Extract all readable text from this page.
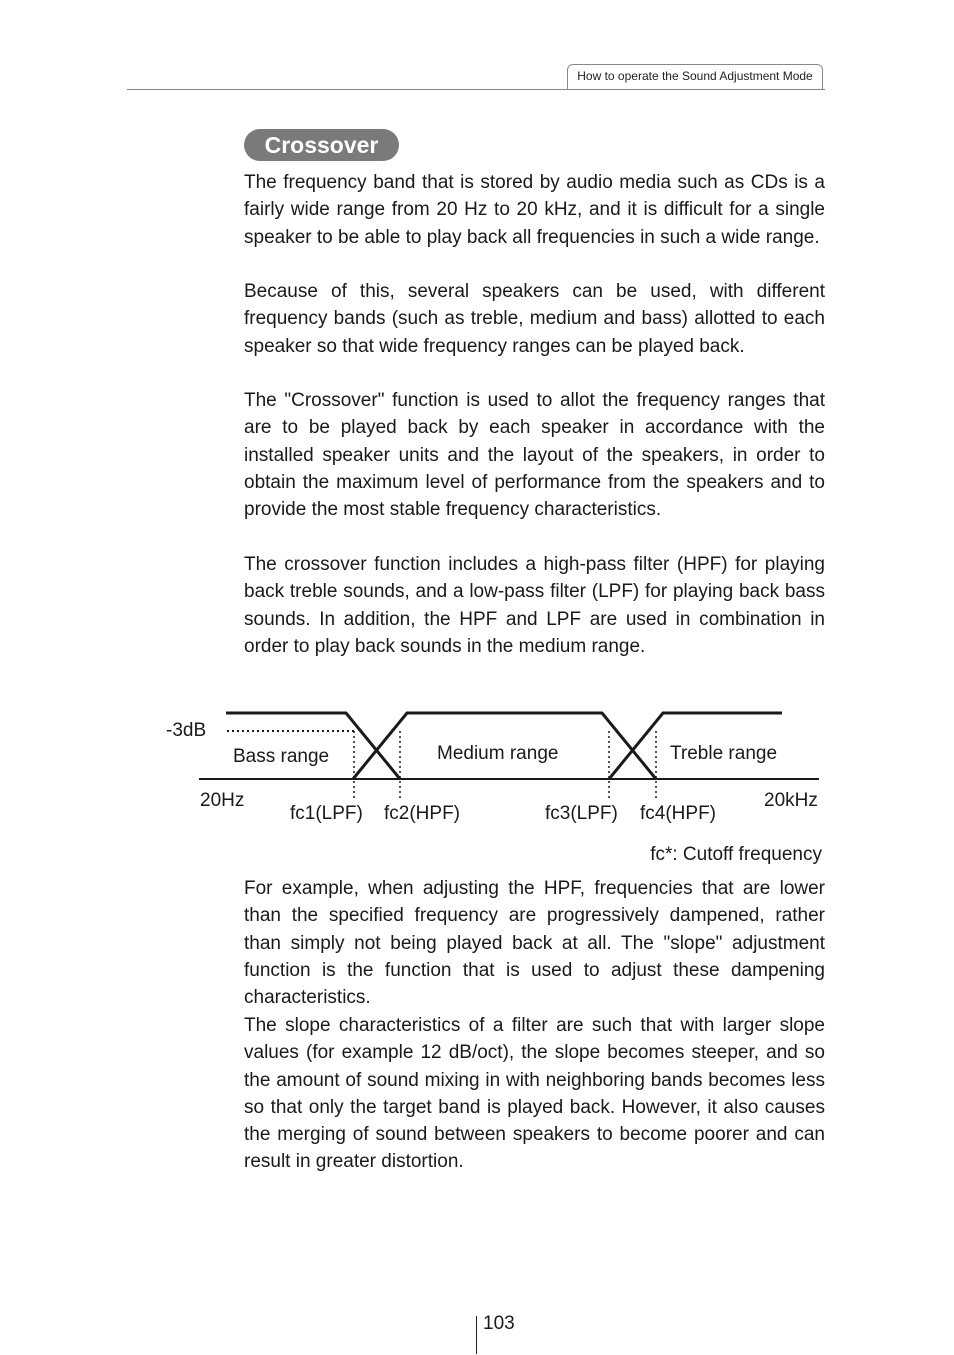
How to operate the Sound Adjustment Mode
Crossover

The frequency band that is stored by audio media such as CDs is a fairly wide range from 20 Hz to 20 kHz, and it is difficult for a single speaker to be able to play back all frequencies in such a wide range.

Because of this, several speakers can be used, with different frequency bands (such as treble, medium and bass) allotted to each speaker so that wide frequency ranges can be played back.

The "Crossover" function is used to allot the frequency ranges that are to be played back by each speaker in accordance with the installed speaker units and the layout of the speakers, in order to obtain the maximum level of performance from the speakers and to provide the most stable frequency characteristics.

The crossover function includes a high-pass filter (HPF) for playing back treble sounds, and a low-pass filter (LPF) for playing back bass sounds. In addition, the HPF and LPF are used in combination in order to play back sounds in the medium range.

-3dB
Bass range	Medium range	Treble range
20Hz	20kHz
fc1(LPF) fc2(HPF)	fc3(LPF) fc4(HPF)
fc*: Cutoff frequency

For example, when adjusting the HPF, frequencies that are lower than the specified frequency are progressively dampened, rather than simply not being played back at all. The "slope" adjustment function is the function that is used to adjust these dampening characteristics.

The slope characteristics of a filter are such that with larger slope values (for example 12 dB/oct), the slope becomes steeper, and so the amount of sound mixing in with neighboring bands becomes less so that only the target band is played back. However, it also causes the merging of sound between speakers to become poorer and can result in greater distortion.

103
